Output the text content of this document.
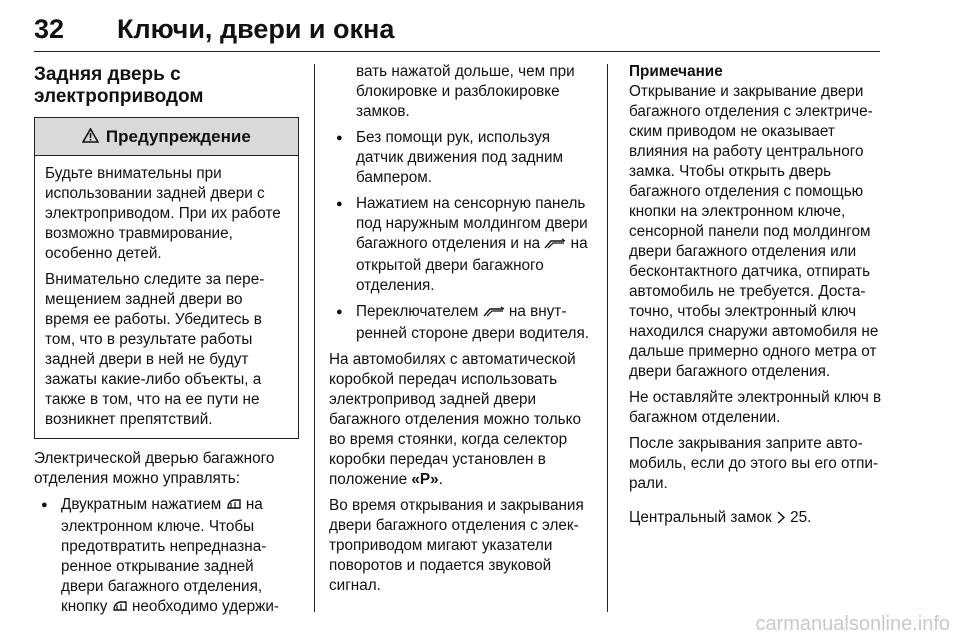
32 Ключи, двери и окна
Задняя дверь с
электроприводом
Предупреждение

Будьте внимательны при использовании задней двери с электроприводом. При их работе возможно травмирование, особенно детей.

Внимательно следите за перемещением задней двери во время ее работы. Убедитесь в том, что в результате работы задней двери в ней не будут зажаты какие-либо объекты, а также в том, что на ее пути не возникнет препятствий.

Электрической дверью багажного отделения можно управлять:

● Двукратным нажатием на электронном ключе. Чтобы предотвратить непредназнаренное открывание задней двери багажного отделения, кнопку необходимо удержи-
вать нажатой дольше, чем при блокировке и разблокировке замков.
● Без помощи рук, используя датчик движения под задним бампером.
● Нажатием на сенсорную панель под наружным молдингом двери багажного отделения и на на открытой двери багажного отделения.
● Переключателем на внутренней стороне двери водителя.

На автомобилях с автоматической коробкой передач использовать электропривод задней двери багажного отделения можно только во время стоянки, когда селектор коробки передач установлен в положение «P».

Во время открывания и закрывания двери багажного отделения с электроприводом мигают указатели поворотов и подается звуковой сигнал.

Примечание

Открывание и закрывание двери багажного отделения с электрическим приводом не оказывает влияния на работу центрального замка. Чтобы открыть дверь багажного отделения с помощью кнопки на электронном ключе, сенсорной панели под молдингом двери багажного отделения или бесконтактного датчика, отпирать автомобиль не требуется. Достаточно, чтобы электронный ключ находился снаружи автомобиля не дальше примерно одного метра от двери багажного отделения.

Не оставляйте электронный ключ в багажном отделении.

После закрывания заприте автомобиль, если до этого вы его отпирали.

Центральный замок 25.

carmanualsonline.info
